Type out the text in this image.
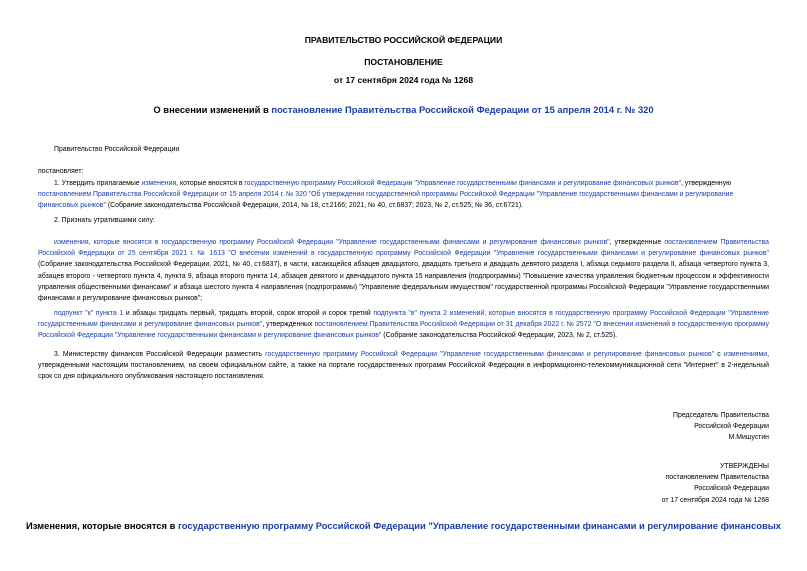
ПРАВИТЕЛЬСТВО РОССИЙСКОЙ ФЕДЕРАЦИИ
ПОСТАНОВЛЕНИЕ
от 17 сентября 2024 года № 1268
О внесении изменений в постановление Правительства Российской Федерации от 15 апреля 2014 г. № 320
Правительство Российской Федерации
постановляет:
1. Утвердить прилагаемые изменения, которые вносятся в государственную программу Российской Федерации "Управление государственными финансами и регулирование финансовых рынков", утвержденную постановлением Правительства Российской Федерации от 15 апреля 2014 г. № 320 "Об утверждении государственной программы Российской Федерации "Управление государственными финансами и регулирование финансовых рынков" (Собрание законодательства Российской Федерации, 2014, № 18, ст.2166; 2021, № 40, ст.6837; 2023, № 2, ст.525; № 36, ст.6721).
2. Признать утратившими силу:
изменения, которые вносятся в государственную программу Российской Федерации "Управление государственными финансами и регулирование финансовых рынков", утвержденные постановлением Правительства Российской Федерации от 25 сентября 2021 г. № 1613 "О внесении изменений в государственную программу Российской Федерации "Управление государственными финансами и регулирование финансовых рынков" (Собрание законодательства Российской Федерации, 2021, № 40, ст.6837), в части, касающейся абзацев двадцатого, двадцать третьего и двадцать девятого раздела I, абзаца седьмого раздела II, абзаца четвертого пункта 3, абзацев второго - четвертого пункта 4, пункта 9, абзаца второго пункта 14, абзацев девятого и двенадцатого пункта 15 направления (подпрограммы) "Повышение качества управления бюджетным процессом и эффективности управления общественными финансами" и абзаца шестого пункта 4 направления (подпрограммы) "Управление федеральным имуществом" государственной программы Российской Федерации "Управление государственными финансами и регулирование финансовых рынков";
подпункт "к" пункта 1 и абзацы тридцать первый, тридцать второй, сорок второй и сорок третий подпункта "в" пункта 2 изменений, которые вносятся в государственную программу Российской Федерации "Управление государственными финансами и регулирование финансовых рынков", утвержденных постановлением Правительства Российской Федерации от 31 декабря 2022 г. № 2572 "О внесении изменений в государственную программу Российской Федерации "Управление государственными финансами и регулирование финансовых рынков" (Собрание законодательства Российской Федерации, 2023, № 2, ст.525).
3. Министерству финансов Российской Федерации разместить государственную программу Российской Федерации "Управление государственными финансами и регулирование финансовых рынков" с изменениями, утвержденными настоящим постановлением, на своем официальном сайте, а также на портале государственных программ Российской Федерации в информационно-телекоммуникационной сети "Интернет" в 2-недельный срок со дня официального опубликования настоящего постановления.
Председатель Правительства
Российской Федерации
М.Мишустин
УТВЕРЖДЕНЫ
постановлением Правительства
Российской Федерации
от 17 сентября 2024 года № 1268
Изменения, которые вносятся в государственную программу Российской Федерации "Управление государственными финансами и регулирование финансовых
